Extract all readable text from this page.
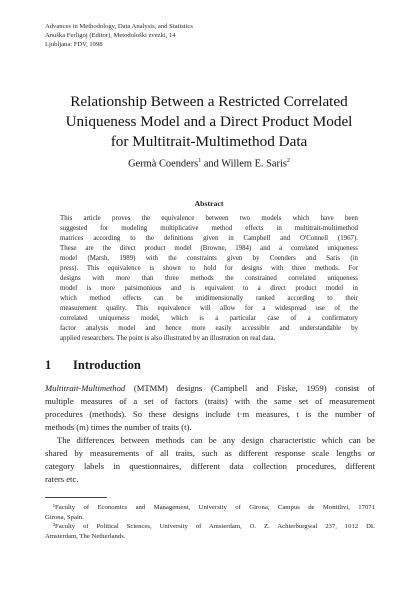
Advances in Methodology, Data Analysis, and Statistics
Anuška Ferligoj (Editor), Metodološki zvezki, 14
Ljubljana: FDV, 1998
Relationship Between a Restricted Correlated
Uniqueness Model and a Direct Product Model
for Multitrait-Multimethod Data
Germà Coenders$^1$ and Willem E. Saris$^2$
Abstract
This article proves the equivalence between two models which have been
suggested for modeling multiplicative method effects in multitrait-multimethod
matrices according to the definitions given in Campbell and O'Connell (1967).
These are the direct product model (Browne, 1984) and a correlated uniqueness
model (Marsh, 1989) with the constraints given by Coenders and Saris (in
press). This equivalence is shown to hold for designs with three methods. For
designs with more than three methods the constrained correlated uniqueness
model is more parsimonious and is equivalent to a direct product model in
which method effects can be unidimensionally ranked according to their
measurement quality. This equivalence will allow for a widespread use of the
correlated uniqueness model, which is a particular case of a confirmatory
factor analysis model and hence more easily accessible and understandable by
applied researchers. The point is also illustrated by an illustration on real data.
1 Introduction
Multitrait-Multimethod (MTMM) designs (Campbell and Fiske, 1959) consist of
multiple measures of a set of factors (traits) with the same set of measurement
procedures (methods). So these designs include t·m measures, t is the number of
methods (m) times the number of traits (t).
The differences between methods can be any design characteristic which can be
shared by measurements of all traits, such as different response scale lengths or
category labels in questionnaires, different data collection procedures, different
raters etc.
¹Faculty of Economics and Management, University of Girona, Campus de Montilivi, 17071
Girona, Spain.
²Faculty of Political Sciences, University of Amsterdam, O. Z. Achterburgwal 237, 1012 DL
Amsterdam, The Netherlands.
